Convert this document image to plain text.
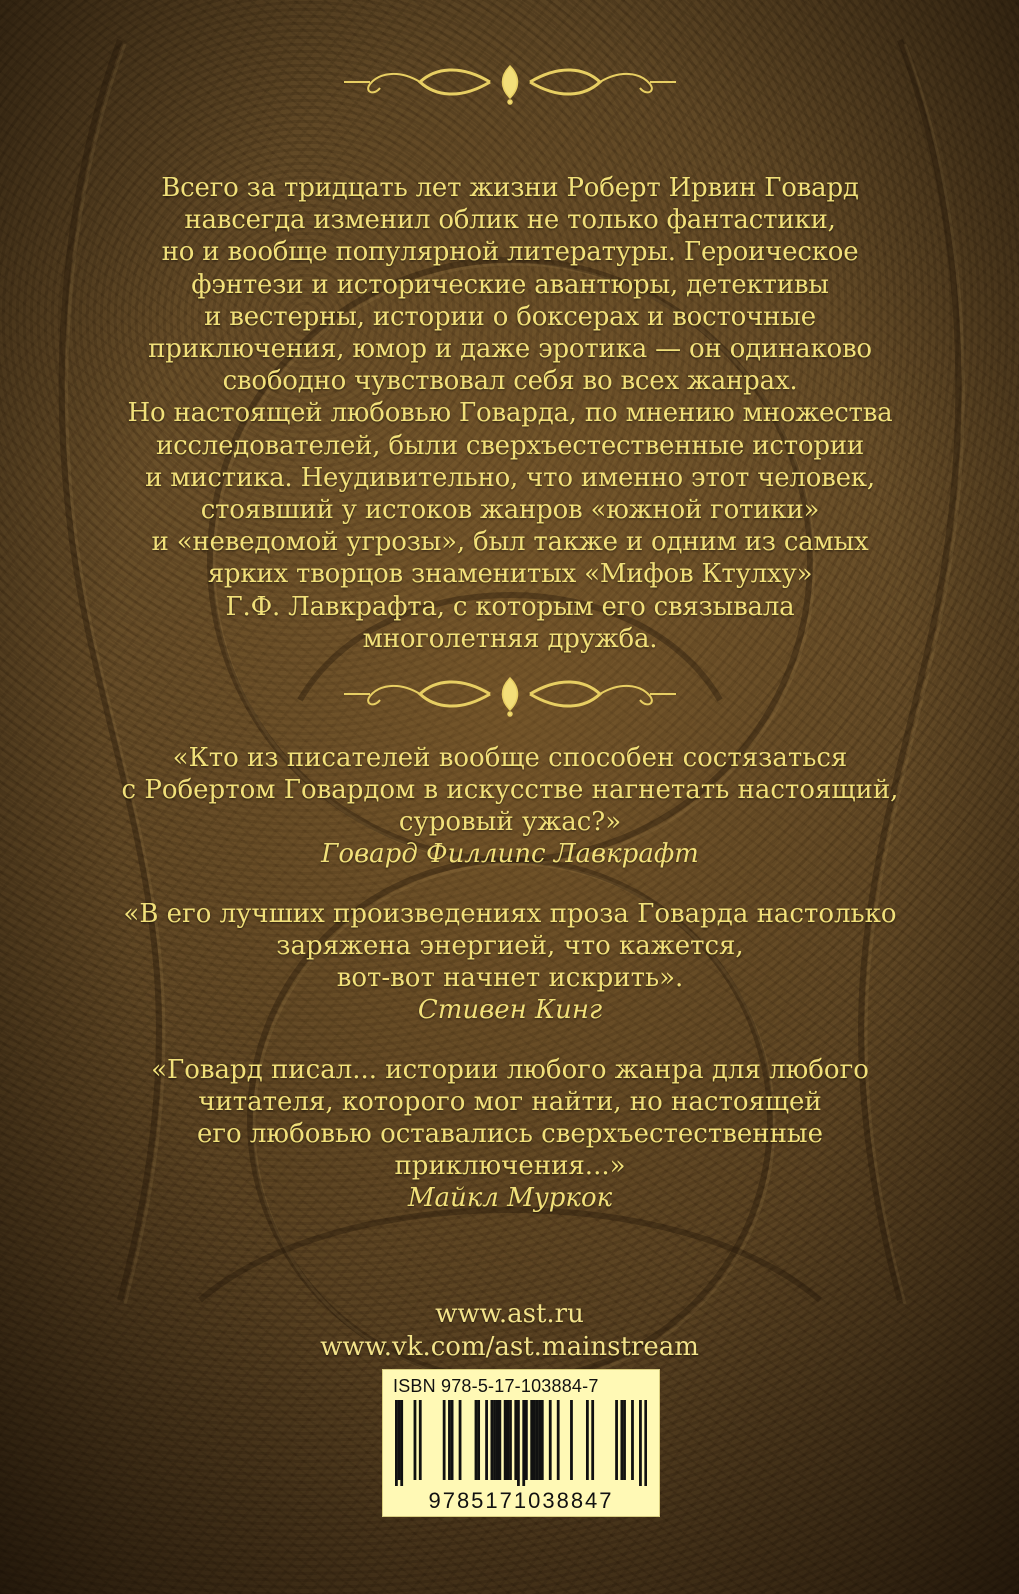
Всего за тридцать лет жизни Роберт Ирвин Говард
навсегда изменил облик не только фантастики,
но и вообще популярной литературы. Героическое
фэнтези и исторические авантюры, детективы
и вестерны, истории о боксерах и восточные
приключения, юмор и даже эротика — он одинаково
свободно чувствовал себя во всех жанрах.
Но настоящей любовью Говарда, по мнению множества
исследователей, были сверхъестественные истории
и мистика. Неудивительно, что именно этот человек,
стоявший у истоков жанров «южной готики»
и «неведомой угрозы», был также и одним из самых
ярких творцов знаменитых «Мифов Ктулху»
Г.Ф. Лавкрафта, с которым его связывала
многолетняя дружба.
«Кто из писателей вообще способен состязаться
с Робертом Говардом в искусстве нагнетать настоящий,
суровый ужас?»
Говард Филлипс Лавкрафт
«В его лучших произведениях проза Говарда настолько
заряжена энергией, что кажется,
вот-вот начнет искрить».
Стивен Кинг
«Говард писал... истории любого жанра для любого
читателя, которого мог найти, но настоящей
его любовью оставались сверхъестественные
приключения...»
Майкл Муркок
www.ast.ru
www.vk.com/ast.mainstream
ISBN 978-5-17-103884-7
9785171038847
